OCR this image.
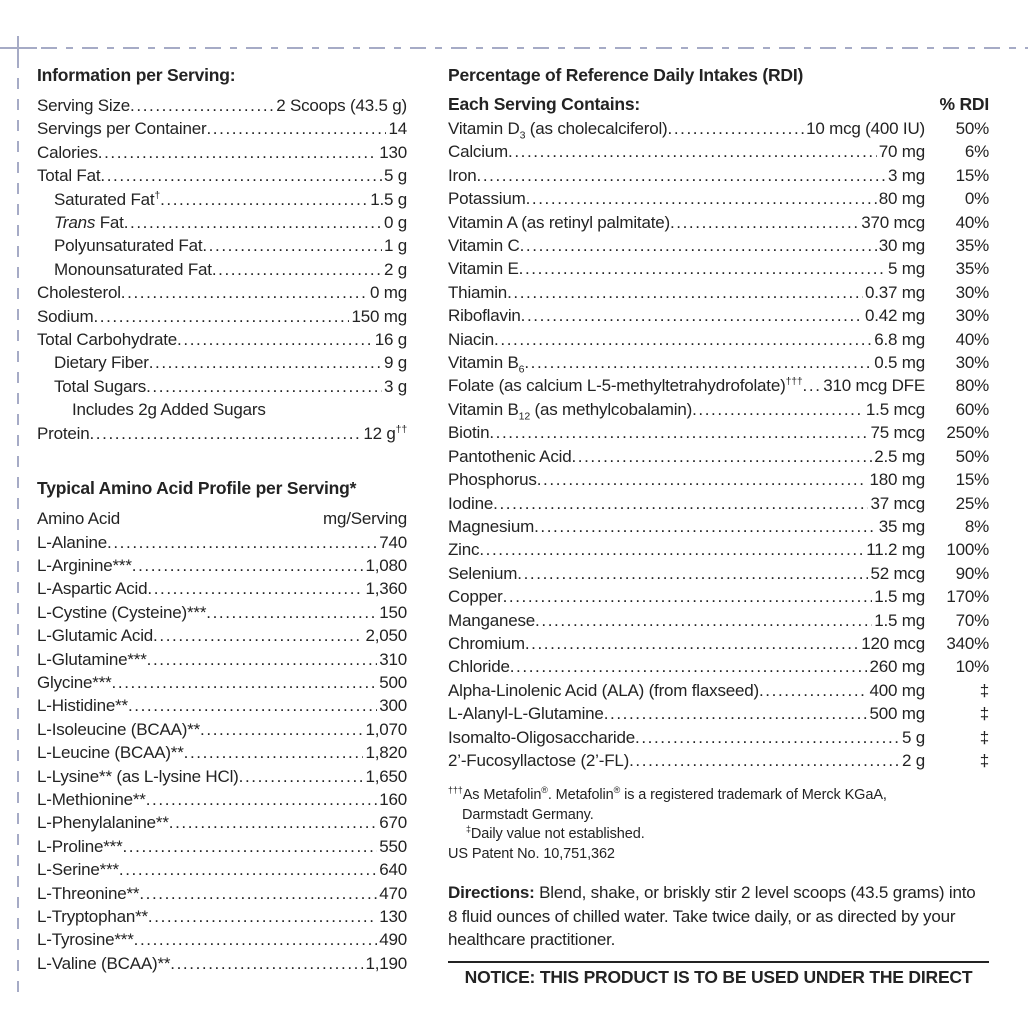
Information per Serving:
Serving Size .....	2 Scoops (43.5 g)
Servings per Container .....	14
Calories .....	130
Total Fat .....	5 g
Saturated Fat† .....	1.5 g
Trans Fat .....	0 g
Polyunsaturated Fat .....	1 g
Monounsaturated Fat .....	2 g
Cholesterol .....	0 mg
Sodium .....	150 mg
Total Carbohydrate .....	16 g
Dietary Fiber .....	9 g
Total Sugars .....	3 g
Includes 2g Added Sugars
Protein .....	12 g††
Typical Amino Acid Profile per Serving*
Amino Acid	mg/Serving
L-Alanine .....	740
L-Arginine*** .....	1,080
L-Aspartic Acid .....	1,360
L-Cystine (Cysteine)*** .....	150
L-Glutamic Acid .....	2,050
L-Glutamine*** .....	310
Glycine*** .....	500
L-Histidine** .....	300
L-Isoleucine (BCAA)** .....	1,070
L-Leucine (BCAA)** .....	1,820
L-Lysine** (as L-lysine HCl) .....	1,650
L-Methionine** .....	160
L-Phenylalanine** .....	670
L-Proline*** .....	550
L-Serine*** .....	640
L-Threonine** .....	470
L-Tryptophan** .....	130
L-Tyrosine*** .....	490
L-Valine (BCAA)** .....	1,190
Percentage of Reference Daily Intakes (RDI)
Each Serving Contains:	% RDI
Vitamin $D_3$ (as cholecalciferol) .....	10 mcg (400 IU)	50%
Calcium .....	70 mg	6%
Iron .....	3 mg	15%
Potassium .....	80 mg	0%
Vitamin A (as retinyl palmitate) .....	370 mcg	40%
Vitamin C .....	30 mg	35%
Vitamin E .....	5 mg	35%
Thiamin .....	0.37 mg	30%
Riboflavin .....	0.42 mg	30%
Niacin .....	6.8 mg	40%
Vitamin $B_6$ .....	0.5 mg	30%
Folate (as calcium L-5-methyltetrahydrofolate)††† ..... 310 mcg DFE	80%
Vitamin $B_{12}$ (as methylcobalamin) .....	1.5 mcg	60%
Biotin .....	75 mcg	250%
Pantothenic Acid .....	2.5 mg	50%
Phosphorus .....	180 mg	15%
Iodine .....	37 mcg	25%
Magnesium .....	35 mg	8%
Zinc .....	11.2 mg	100%
Selenium .....	52 mcg	90%
Copper .....	1.5 mg	170%
Manganese .....	1.5 mg	70%
Chromium .....	120 mcg	340%
Chloride .....	260 mg	10%
Alpha-Linolenic Acid (ALA) (from flaxseed) .....	400 mg	‡
L-Alanyl-L-Glutamine .....	500 mg	‡
Isomalto-Oligosaccharide .....	5 g	‡
2’-Fucosyllactose (2’-FL) .....	2 g	‡
†††As Metafolin®. Metafolin® is a registered trademark of Merck KGaA,
Darmstadt Germany.
‡Daily value not established.
US Patent No. 10,751,362
Directions: Blend, shake, or briskly stir 2 level scoops (43.5 grams) into 8 fluid ounces of chilled water. Take twice daily, or as directed by your healthcare practitioner.
NOTICE: THIS PRODUCT IS TO BE USED UNDER THE DIRECT
